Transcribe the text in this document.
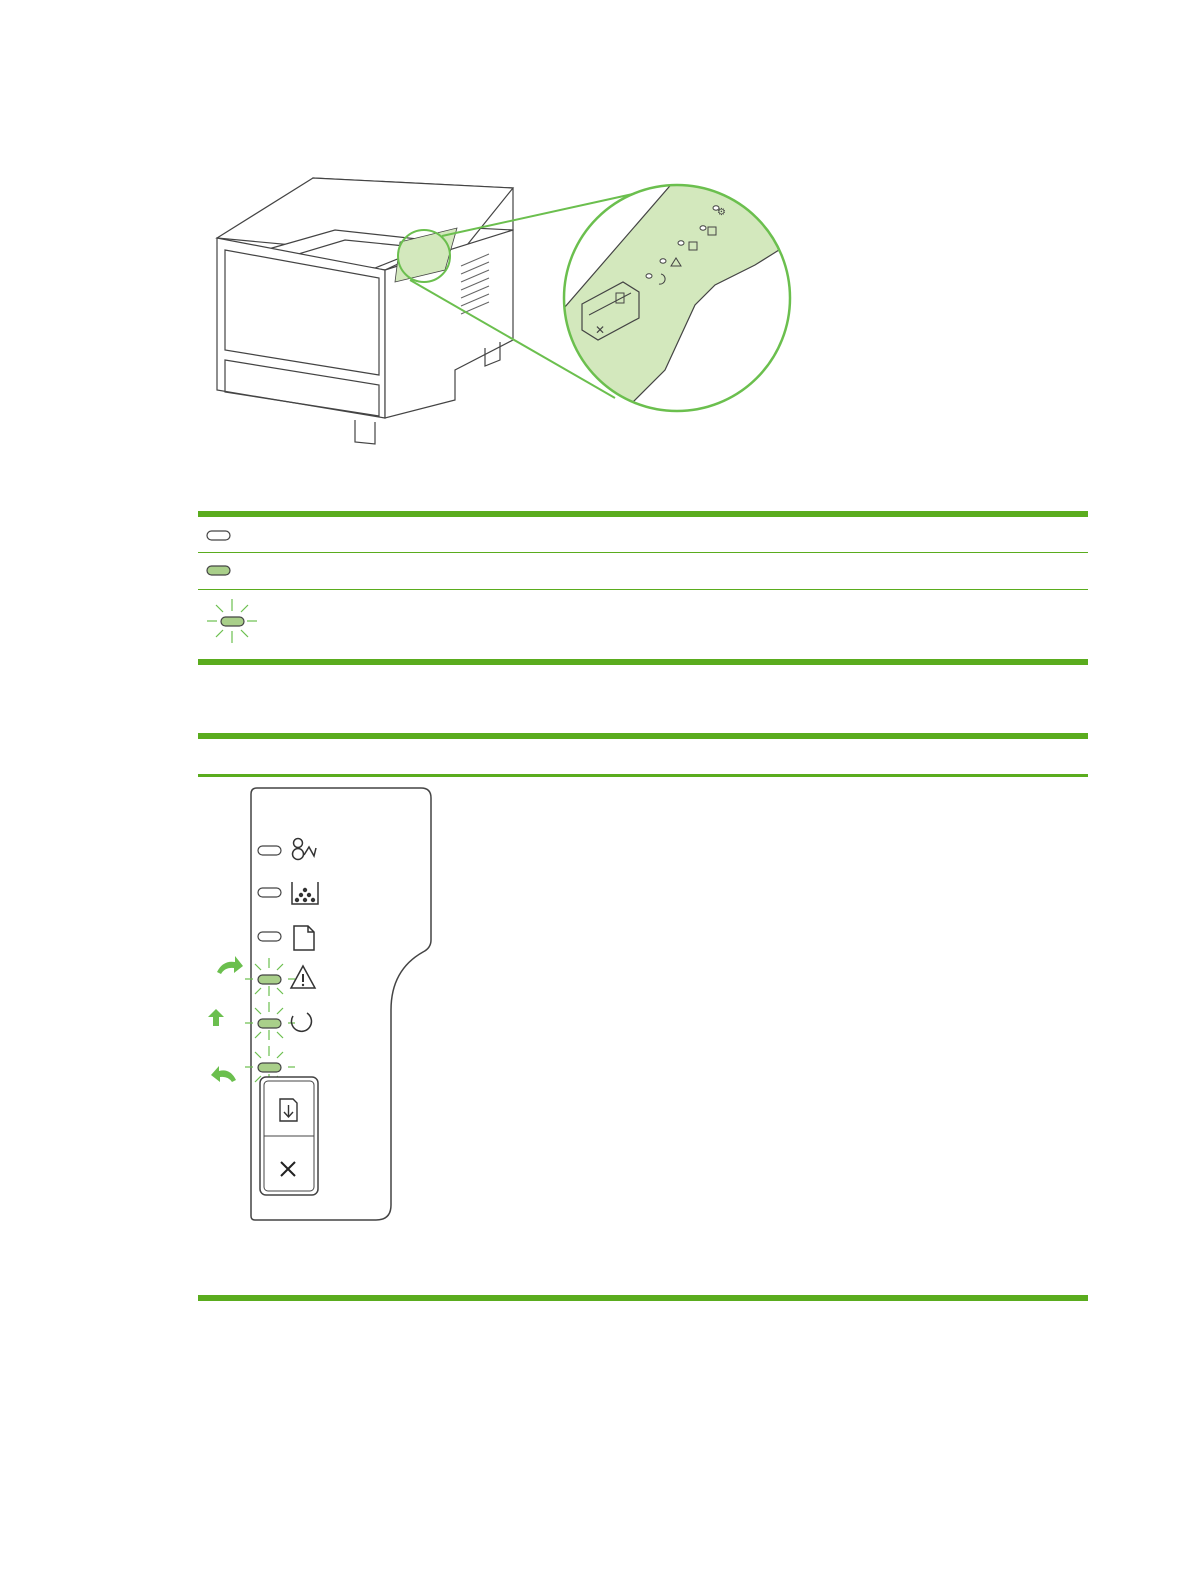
⚙
✕
